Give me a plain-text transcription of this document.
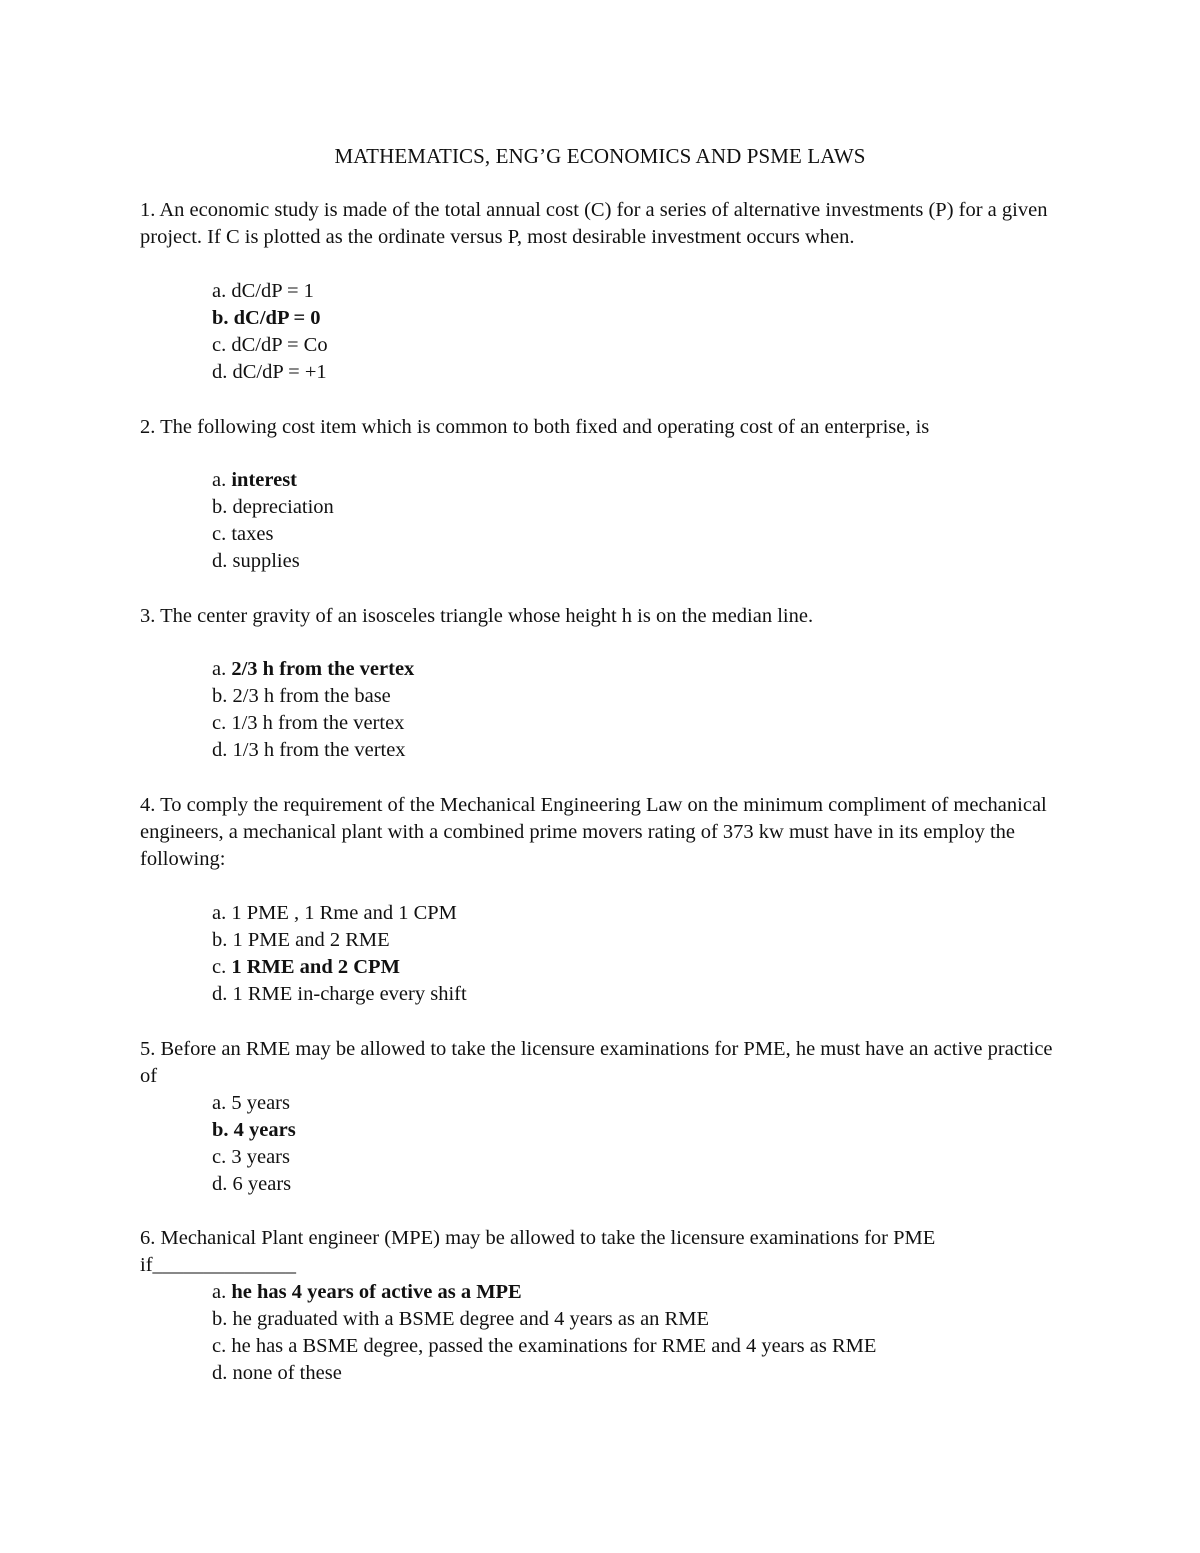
MATHEMATICS, ENG’G ECONOMICS AND PSME LAWS
1. An economic study is made of the total annual cost (C) for a series of alternative investments (P) for a given project. If C is plotted as the ordinate versus P, most desirable investment occurs when.
a. dC/dP = 1
b. dC/dP = 0
c. dC/dP = Co
d. dC/dP = +1
2. The following cost item which is common to both fixed and operating cost of an enterprise, is
a. interest
b. depreciation
c. taxes
d. supplies
3. The center gravity of an isosceles triangle whose height h is on the median line.
a. 2/3 h from the vertex
b. 2/3 h from the base
c. 1/3 h from the vertex
d. 1/3 h from the vertex
4. To comply the requirement of the Mechanical Engineering Law on the minimum compliment of mechanical engineers, a mechanical plant with a combined prime movers rating of 373 kw must have in its employ the following:
a. 1 PME , 1 Rme and 1 CPM
b. 1 PME and 2 RME
c. 1 RME and 2 CPM
d. 1 RME in-charge every shift
5. Before an RME may be allowed to take the licensure examinations for PME, he must have an active practice of
a. 5 years
b. 4 years
c. 3 years
d. 6 years
6. Mechanical Plant engineer (MPE) may be allowed to take the licensure examinations for PME if______________
a. he has 4 years of active as a MPE
b. he graduated with a BSME degree and 4 years as an RME
c. he has a BSME degree, passed the examinations for RME and 4 years as RME
d. none of these
